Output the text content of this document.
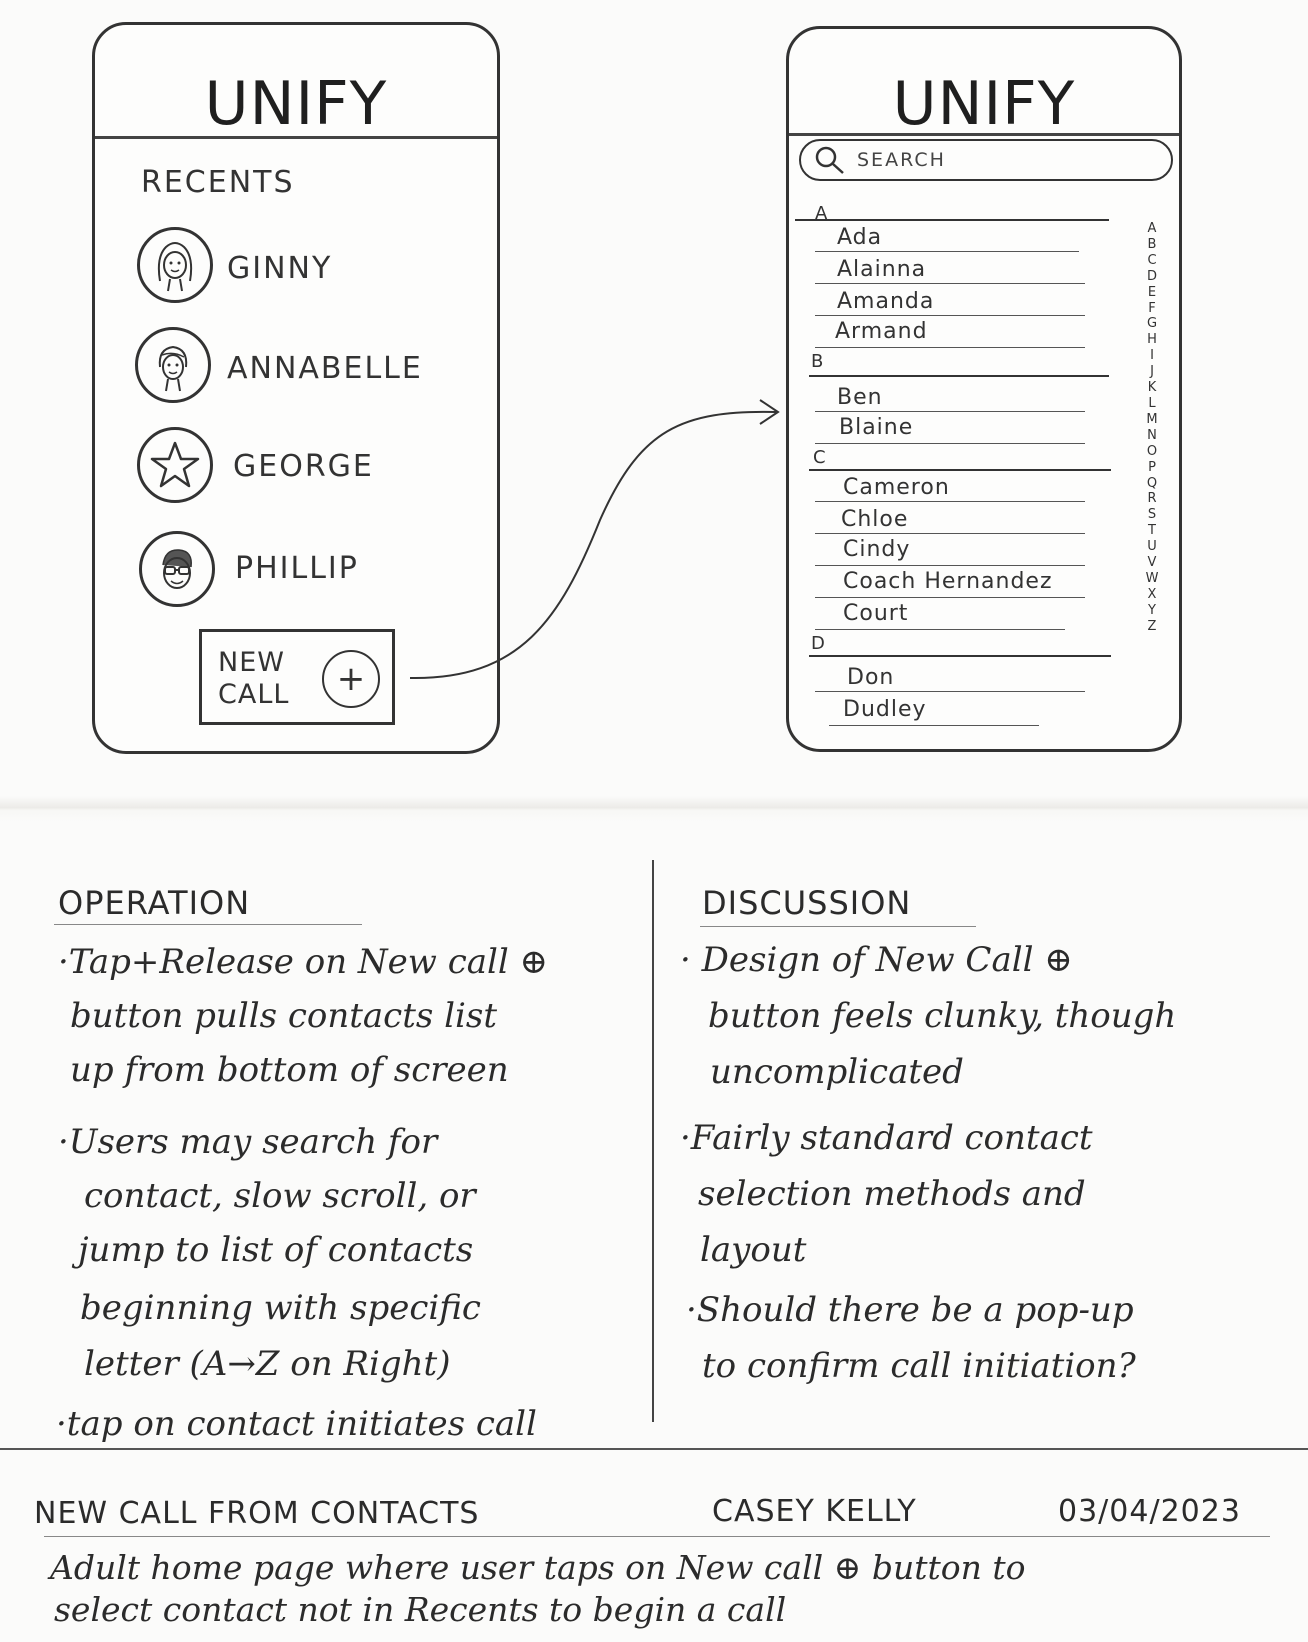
UNIFY
RECENTS
GINNY
ANNABELLE
GEORGE
PHILLIP
NEW
CALL	+
UNIFY
SEARCH
A
Ada
Alainna
Amanda
Armand
B
Ben
Blaine
C
Cameron
Chloe
Cindy
Coach Hernandez
Court
D
Don
Dudley
A
B
C
D
E
F
G
H
I
J
K
L
M
N
O
P
Q
R
S
T
U
V
W
X
Y
Z
OPERATION
·Tap+Release on New call ⊕
button pulls contacts list
up from bottom of screen
·Users may search for
contact, slow scroll, or
jump to list of contacts
beginning with specific
letter (A→Z on Right)
·tap on contact initiates call
DISCUSSION
· Design of New Call ⊕
button feels clunky, though
uncomplicated
·Fairly standard contact
selection methods and
layout
·Should there be a pop-up
to confirm call initiation?
NEW CALL FROM CONTACTS	CASEY KELLY	03/04/2023
Adult home page where user taps on New call ⊕ button to
select contact not in Recents to begin a call
